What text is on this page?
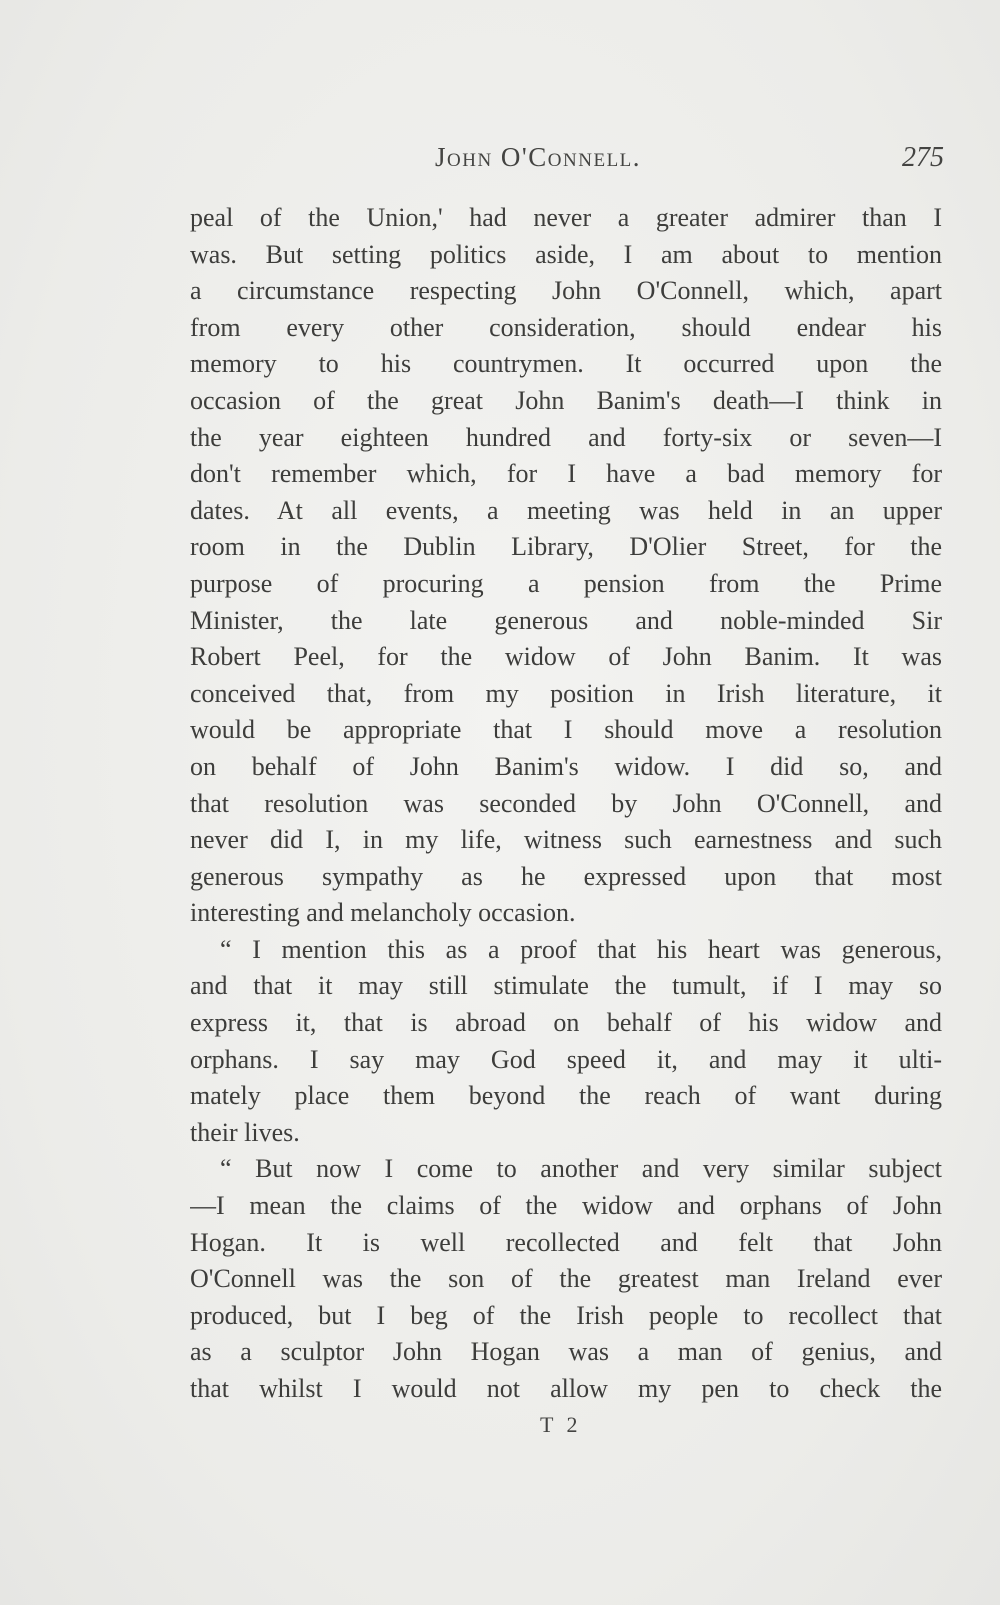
John O'Connell.	275
peal of the Union,' had never a greater admirer than I
was. But setting politics aside, I am about to mention
a circumstance respecting John O'Connell, which, apart
from every other consideration, should endear his
memory to his countrymen. It occurred upon the
occasion of the great John Banim's death—I think in
the year eighteen hundred and forty-six or seven—I
don't remember which, for I have a bad memory for
dates. At all events, a meeting was held in an upper
room in the Dublin Library, D'Olier Street, for the
purpose of procuring a pension from the Prime
Minister, the late generous and noble-minded Sir
Robert Peel, for the widow of John Banim. It was
conceived that, from my position in Irish literature, it
would be appropriate that I should move a resolution
on behalf of John Banim's widow. I did so, and
that resolution was seconded by John O'Connell, and
never did I, in my life, witness such earnestness and such
generous sympathy as he expressed upon that most
interesting and melancholy occasion.
“ I mention this as a proof that his heart was generous,
and that it may still stimulate the tumult, if I may so
express it, that is abroad on behalf of his widow and
orphans. I say may God speed it, and may it ulti-
mately place them beyond the reach of want during
their lives.
“ But now I come to another and very similar subject
—I mean the claims of the widow and orphans of John
Hogan. It is well recollected and felt that John
O'Connell was the son of the greatest man Ireland ever
produced, but I beg of the Irish people to recollect that
as a sculptor John Hogan was a man of genius, and
that whilst I would not allow my pen to check the
T 2
